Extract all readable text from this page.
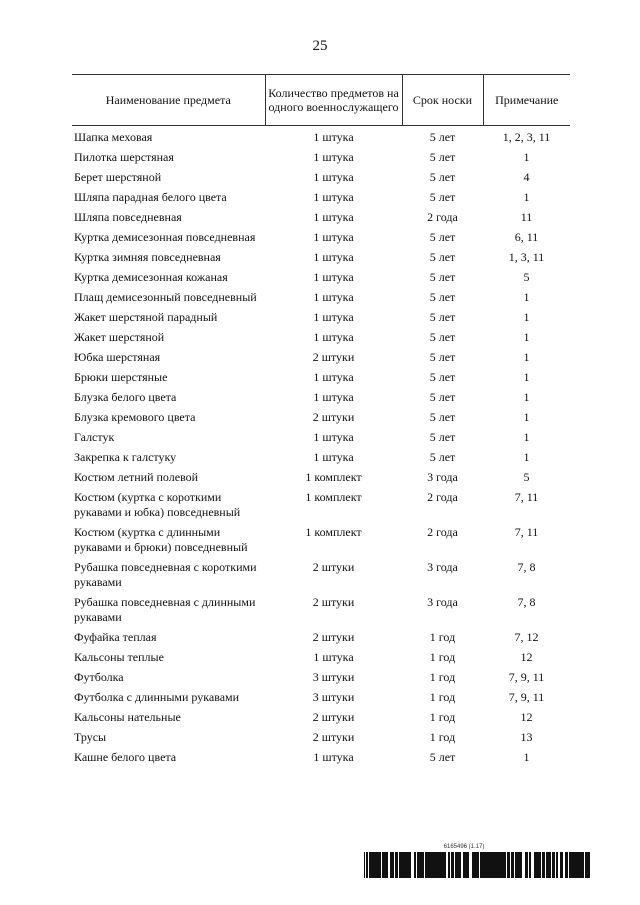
25
Наименование предмета	Количество предметов на одного военнослужащего	Срок носки	Примечание
Шапка меховая	1 штука	5 лет	1, 2, 3, 11
Пилотка шерстяная	1 штука	5 лет	1
Берет шерстяной	1 штука	5 лет	4
Шляпа парадная белого цвета	1 штука	5 лет	1
Шляпа повседневная	1 штука	2 года	11
Куртка демисезонная повседневная	1 штука	5 лет	6, 11
Куртка зимняя повседневная	1 штука	5 лет	1, 3, 11
Куртка демисезонная кожаная	1 штука	5 лет	5
Плащ демисезонный повседневный	1 штука	5 лет	1
Жакет шерстяной парадный	1 штука	5 лет	1
Жакет шерстяной	1 штука	5 лет	1
Юбка шерстяная	2 штуки	5 лет	1
Брюки шерстяные	1 штука	5 лет	1
Блузка белого цвета	1 штука	5 лет	1
Блузка кремового цвета	2 штуки	5 лет	1
Галстук	1 штука	5 лет	1
Закрепка к галстуку	1 штука	5 лет	1
Костюм летний полевой	1 комплект	3 года	5
Костюм (куртка с короткими рукавами и юбка) повседневный	1 комплект	2 года	7, 11
Костюм (куртка с длинными рукавами и брюки) повседневный	1 комплект	2 года	7, 11
Рубашка повседневная с короткими рукавами	2 штуки	3 года	7, 8
Рубашка повседневная с длинными рукавами	2 штуки	3 года	7, 8
Фуфайка теплая	2 штуки	1 год	7, 12
Кальсоны теплые	1 штука	1 год	12
Футболка	3 штуки	1 год	7, 9, 11
Футболка с длинными рукавами	3 штуки	1 год	7, 9, 11
Кальсоны нательные	2 штуки	1 год	12
Трусы	2 штуки	1 год	13
Кашне белого цвета	1 штука	5 лет	1
6165496 (1.17)
